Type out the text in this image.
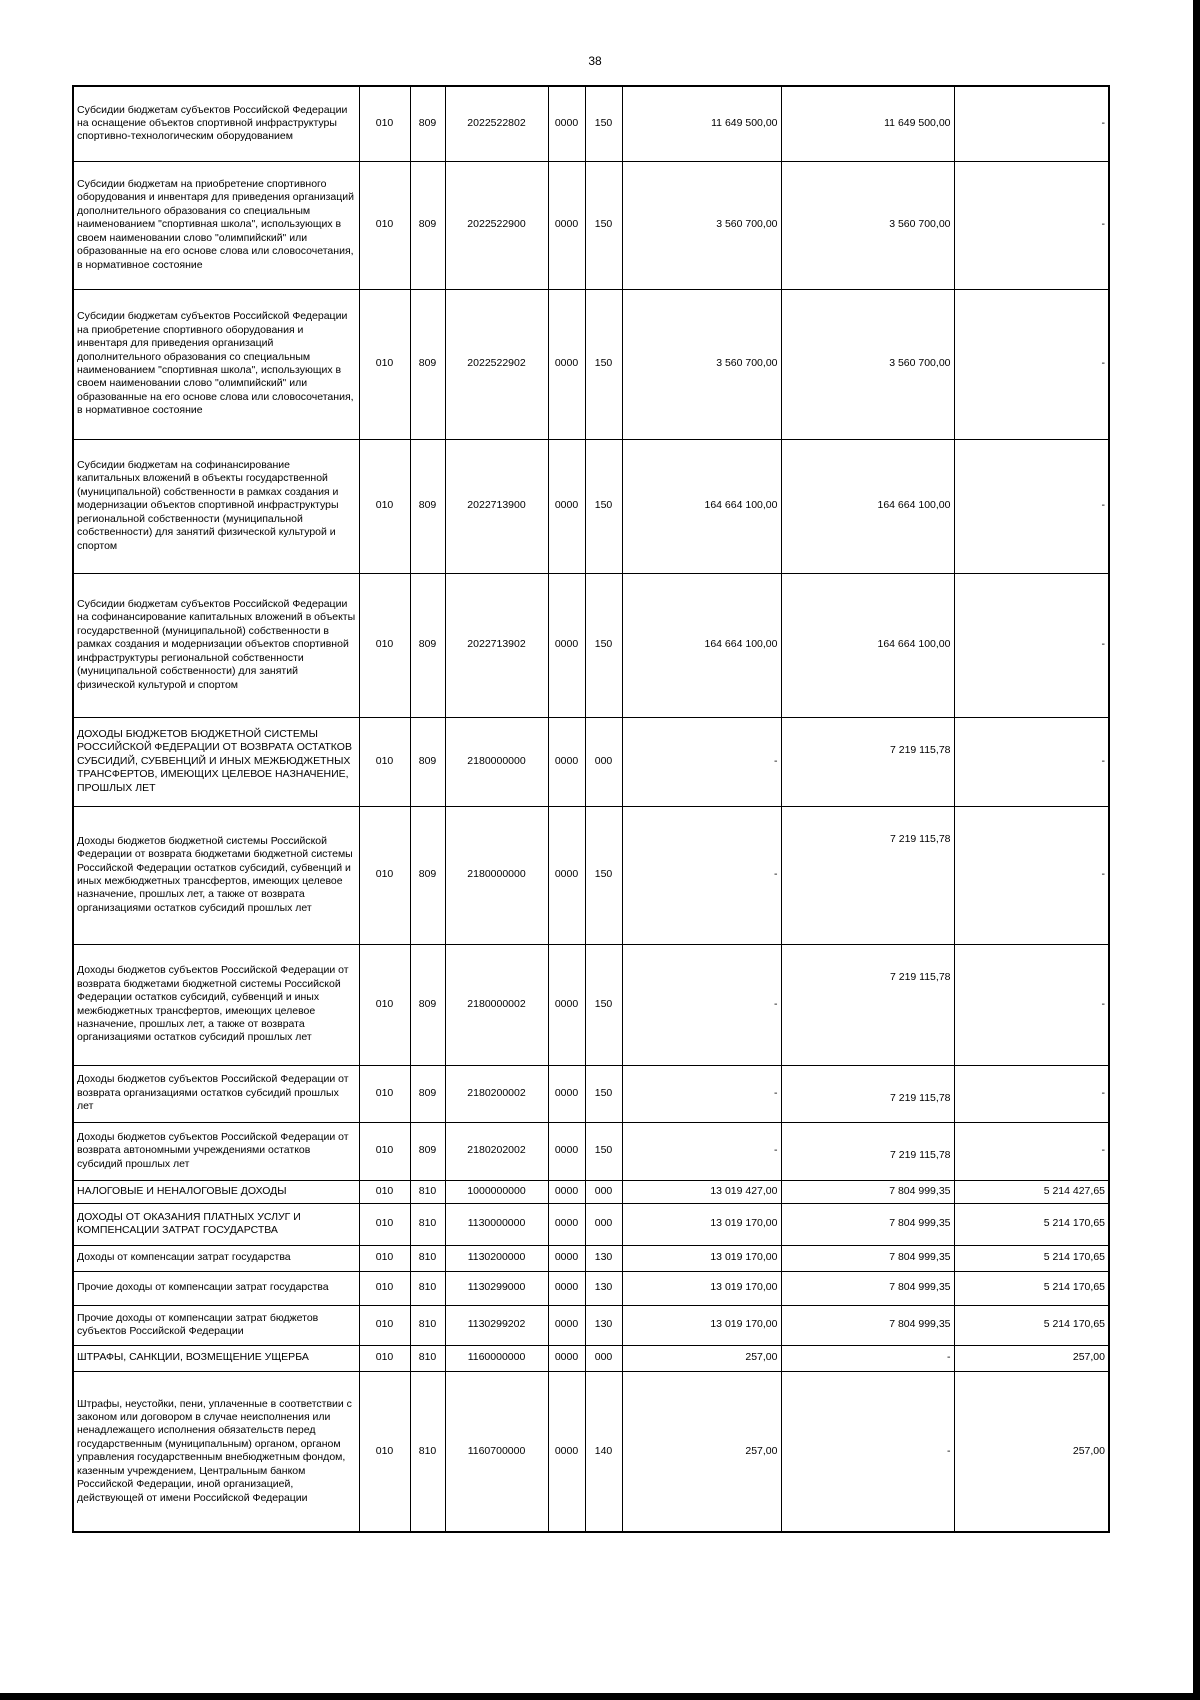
38
Субсидии бюджетам субъектов Российской Федерации на оснащение объектов спортивной инфраструктуры спортивно-технологическим оборудованием	010	809	2022522802	0000	150	11 649 500,00	11 649 500,00	-
Субсидии бюджетам на приобретение спортивного оборудования и инвентаря для приведения организаций дополнительного образования со специальным наименованием "спортивная школа", использующих в своем наименовании слово "олимпийский" или образованные на его основе слова или словосочетания, в нормативное состояние	010	809	2022522900	0000	150	3 560 700,00	3 560 700,00	-
Субсидии бюджетам субъектов Российской Федерации на приобретение спортивного оборудования и инвентаря для приведения организаций дополнительного образования со специальным наименованием "спортивная школа", использующих в своем наименовании слово "олимпийский" или образованные на его основе слова или словосочетания, в нормативное состояние	010	809	2022522902	0000	150	3 560 700,00	3 560 700,00	-
Субсидии бюджетам на софинансирование капитальных вложений в объекты государственной (муниципальной) собственности в рамках создания и модернизации объектов спортивной инфраструктуры региональной собственности (муниципальной собственности) для занятий физической культурой и спортом	010	809	2022713900	0000	150	164 664 100,00	164 664 100,00	-
Субсидии бюджетам субъектов Российской Федерации на софинансирование капитальных вложений в объекты государственной (муниципальной) собственности в рамках создания и модернизации объектов спортивной инфраструктуры региональной собственности (муниципальной собственности) для занятий физической культурой и спортом	010	809	2022713902	0000	150	164 664 100,00	164 664 100,00	-
ДОХОДЫ БЮДЖЕТОВ БЮДЖЕТНОЙ СИСТЕМЫ РОССИЙСКОЙ ФЕДЕРАЦИИ ОТ ВОЗВРАТА ОСТАТКОВ СУБСИДИЙ, СУБВЕНЦИЙ И ИНЫХ МЕЖБЮДЖЕТНЫХ ТРАНСФЕРТОВ, ИМЕЮЩИХ ЦЕЛЕВОЕ НАЗНАЧЕНИЕ, ПРОШЛЫХ ЛЕТ	010	809	2180000000	0000	000	-	7 219 115,78	-
Доходы бюджетов бюджетной системы Российской Федерации от возврата бюджетами бюджетной системы Российской Федерации остатков субсидий, субвенций и иных межбюджетных трансфертов, имеющих целевое назначение, прошлых лет, а также от возврата организациями остатков субсидий прошлых лет	010	809	2180000000	0000	150	-	7 219 115,78	-
Доходы бюджетов субъектов Российской Федерации от возврата бюджетами бюджетной системы Российской Федерации остатков субсидий, субвенций и иных межбюджетных трансфертов, имеющих целевое назначение, прошлых лет, а также от возврата организациями остатков субсидий прошлых лет	010	809	2180000002	0000	150	-	7 219 115,78	-
Доходы бюджетов субъектов Российской Федерации от возврата организациями остатков субсидий прошлых лет	010	809	2180200002	0000	150	-	7 219 115,78	-
Доходы бюджетов субъектов Российской Федерации от возврата автономными учреждениями остатков субсидий прошлых лет	010	809	2180202002	0000	150	-	7 219 115,78	-
НАЛОГОВЫЕ И НЕНАЛОГОВЫЕ ДОХОДЫ	010	810	1000000000	0000	000	13 019 427,00	7 804 999,35	5 214 427,65
ДОХОДЫ ОТ ОКАЗАНИЯ ПЛАТНЫХ УСЛУГ И КОМПЕНСАЦИИ ЗАТРАТ ГОСУДАРСТВА	010	810	1130000000	0000	000	13 019 170,00	7 804 999,35	5 214 170,65
Доходы от компенсации затрат государства	010	810	1130200000	0000	130	13 019 170,00	7 804 999,35	5 214 170,65
Прочие доходы от компенсации затрат государства	010	810	1130299000	0000	130	13 019 170,00	7 804 999,35	5 214 170,65
Прочие доходы от компенсации затрат бюджетов субъектов Российской Федерации	010	810	1130299202	0000	130	13 019 170,00	7 804 999,35	5 214 170,65
ШТРАФЫ, САНКЦИИ, ВОЗМЕЩЕНИЕ УЩЕРБА	010	810	1160000000	0000	000	257,00	-	257,00
Штрафы, неустойки, пени, уплаченные в соответствии с законом или договором в случае неисполнения или ненадлежащего исполнения обязательств перед государственным (муниципальным) органом, органом управления государственным внебюджетным фондом, казенным учреждением, Центральным банком Российской Федерации, иной организацией, действующей от имени Российской Федерации	010	810	1160700000	0000	140	257,00	-	257,00
